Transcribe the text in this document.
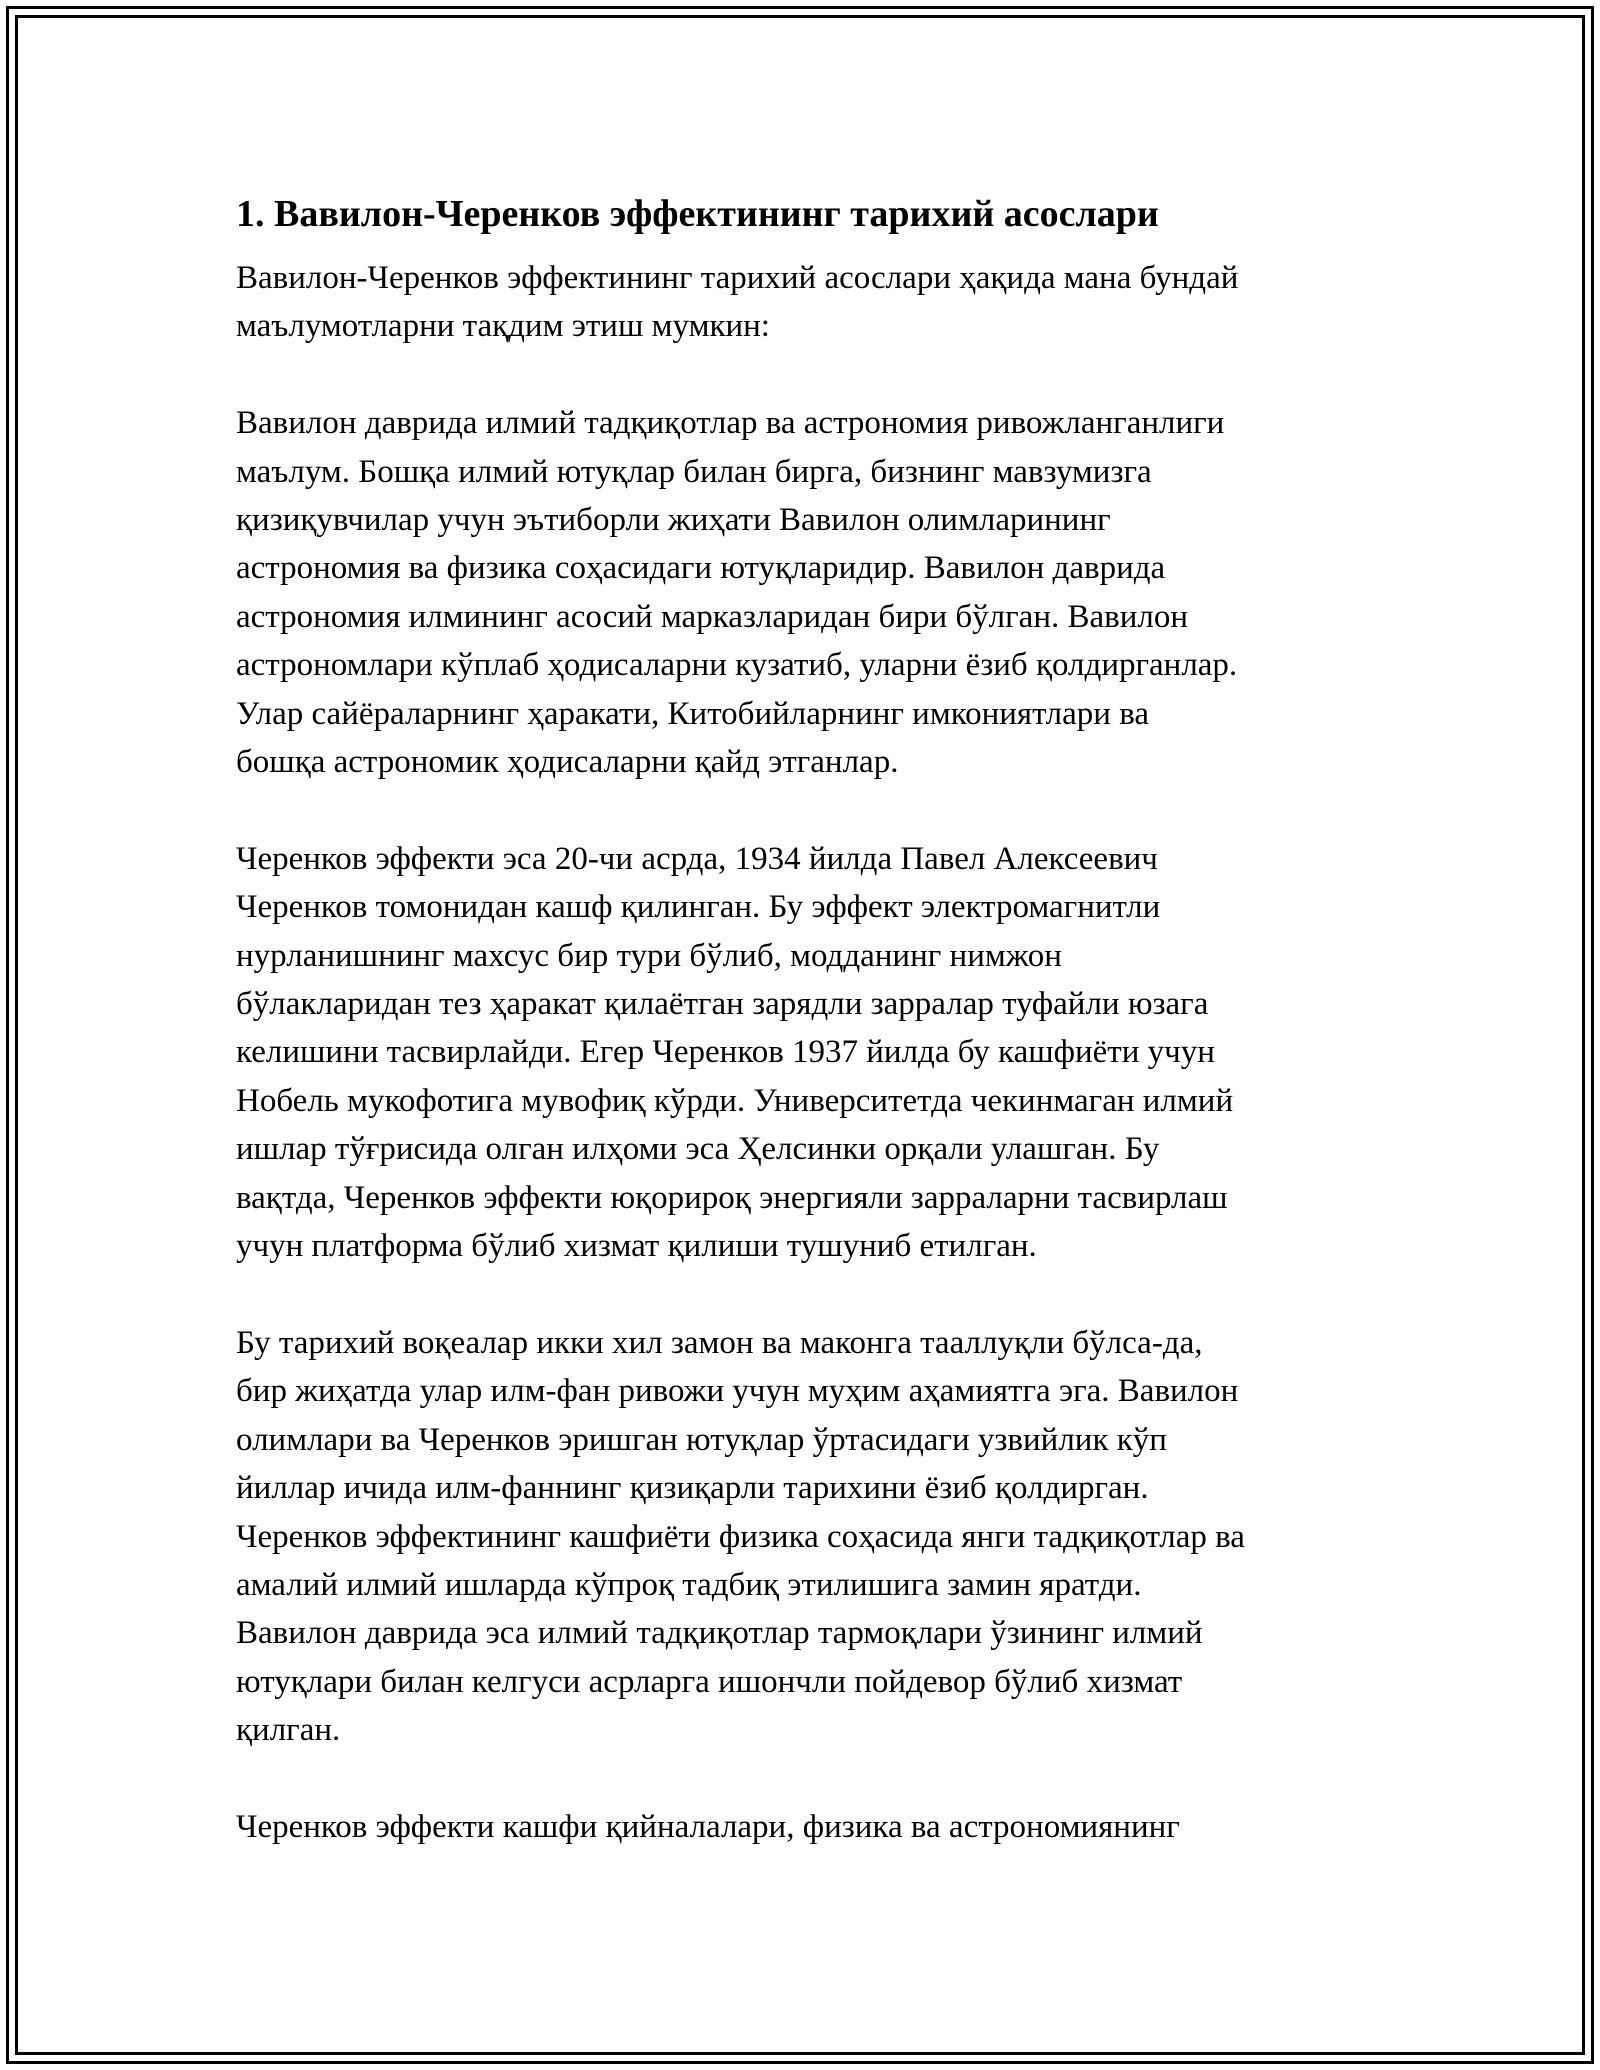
1. Вавилон-Черенков эффектининг тарихий асослари

Вавилон-Черенков эффектининг тарихий асослари ҳақида мана бундай
маълумотларни тақдим этиш мумкин:

Вавилон даврида илмий тадқиқотлар ва астрономия ривожланганлиги
маълум. Бошқа илмий ютуқлар билан бирга, бизнинг мавзумизга
қизиқувчилар учун эътиборли жиҳати Вавилон олимларининг
астрономия ва физика соҳасидаги ютуқларидир. Вавилон даврида
астрономия илмининг асосий марказларидан бири бўлган. Вавилон
астрономлари кўплаб ҳодисаларни кузатиб, уларни ёзиб қолдирганлар.
Улар сайёраларнинг ҳаракати, Китобийларнинг имкониятлари ва
бошқа астрономик ҳодисаларни қайд этганлар.

Черенков эффекти эса 20-чи асрда, 1934 йилда Павел Алексеевич
Черенков томонидан кашф қилинган. Бу эффект электромагнитли
нурланишнинг махсус бир тури бўлиб, модданинг нимжон
бўлакларидан тез ҳаракат қилаётган зарядли зарралар туфайли юзага
келишини тасвирлайди. Егер Черенков 1937 йилда бу кашфиёти учун
Нобель мукофотига мувофиқ кўрди. Университетда чекинмаган илмий
ишлар тўғрисида олган илҳоми эса Ҳелсинки орқали улашган. Бу
вақтда, Черенков эффекти юқорироқ энергияли зарраларни тасвирлаш
учун платформа бўлиб хизмат қилиши тушуниб етилган.

Бу тарихий воқеалар икки хил замон ва маконга тааллуқли бўлса-да,
бир жиҳатда улар илм-фан ривожи учун муҳим аҳамиятга эга. Вавилон
олимлари ва Черенков эришган ютуқлар ўртасидаги узвийлик кўп
йиллар ичида илм-фаннинг қизиқарли тарихини ёзиб қолдирган.
Черенков эффектининг кашфиёти физика соҳасида янги тадқиқотлар ва
амалий илмий ишларда кўпроқ тадбиқ этилишига замин яратди.
Вавилон даврида эса илмий тадқиқотлар тармоқлари ўзининг илмий
ютуқлари билан келгуси асрларга ишончли пойдевор бўлиб хизмат
қилган.

Черенков эффекти кашфи қийналалари, физика ва астрономиянинг
